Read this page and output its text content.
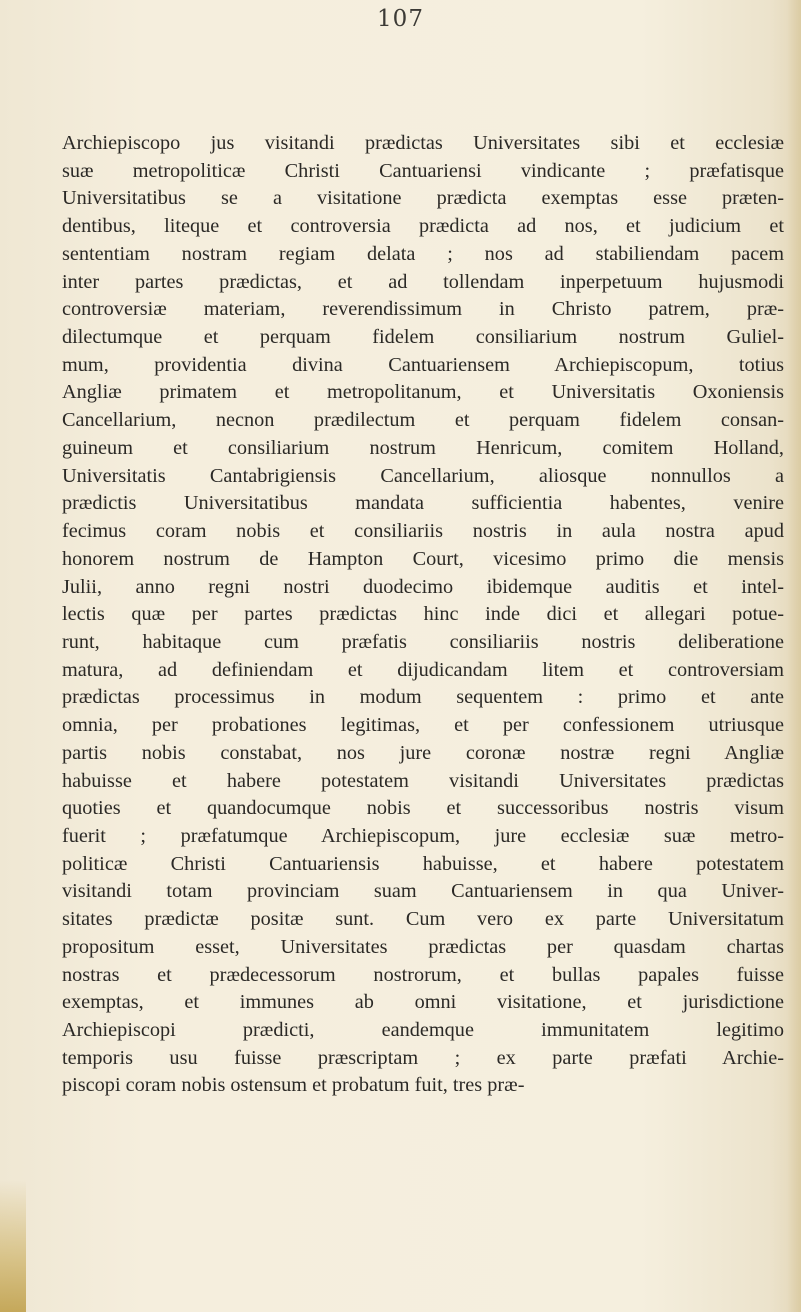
107
Archiepiscopo jus visitandi prædictas Universitates sibi et ecclesiæ
suæ metropoliticæ Christi Cantuariensi vindicante ; præfatisque
Universitatibus se a visitatione prædicta exemptas esse præten-
dentibus, liteque et controversia prædicta ad nos, et judicium et
sententiam nostram regiam delata ; nos ad stabiliendam pacem
inter partes prædictas, et ad tollendam inperpetuum hujusmodi
controversiæ materiam, reverendissimum in Christo patrem, præ-
dilectumque et perquam fidelem consiliarium nostrum Guliel-
mum, providentia divina Cantuariensem Archiepiscopum, totius
Angliæ primatem et metropolitanum, et Universitatis Oxoniensis
Cancellarium, necnon prædilectum et perquam fidelem consan-
guineum et consiliarium nostrum Henricum, comitem Holland,
Universitatis Cantabrigiensis Cancellarium, aliosque nonnullos a
prædictis Universitatibus mandata sufficientia habentes, venire
fecimus coram nobis et consiliariis nostris in aula nostra apud
honorem nostrum de Hampton Court, vicesimo primo die mensis
Julii, anno regni nostri duodecimo ibidemque auditis et intel-
lectis quæ per partes prædictas hinc inde dici et allegari potue-
runt, habitaque cum præfatis consiliariis nostris deliberatione
matura, ad definiendam et dijudicandam litem et controversiam
prædictas processimus in modum sequentem : primo et ante
omnia, per probationes legitimas, et per confessionem utriusque
partis nobis constabat, nos jure coronæ nostræ regni Angliæ
habuisse et habere potestatem visitandi Universitates prædictas
quoties et quandocumque nobis et successoribus nostris visum
fuerit ; præfatumque Archiepiscopum, jure ecclesiæ suæ metro-
politicæ Christi Cantuariensis habuisse, et habere potestatem
visitandi totam provinciam suam Cantuariensem in qua Univer-
sitates prædictæ positæ sunt. Cum vero ex parte Universitatum
propositum esset, Universitates prædictas per quasdam chartas
nostras et prædecessorum nostrorum, et bullas papales fuisse
exemptas, et immunes ab omni visitatione, et jurisdictione
Archiepiscopi prædicti, eandemque immunitatem legitimo
temporis usu fuisse præscriptam ; ex parte præfati Archie-
piscopi coram nobis ostensum et probatum fuit, tres præ-
